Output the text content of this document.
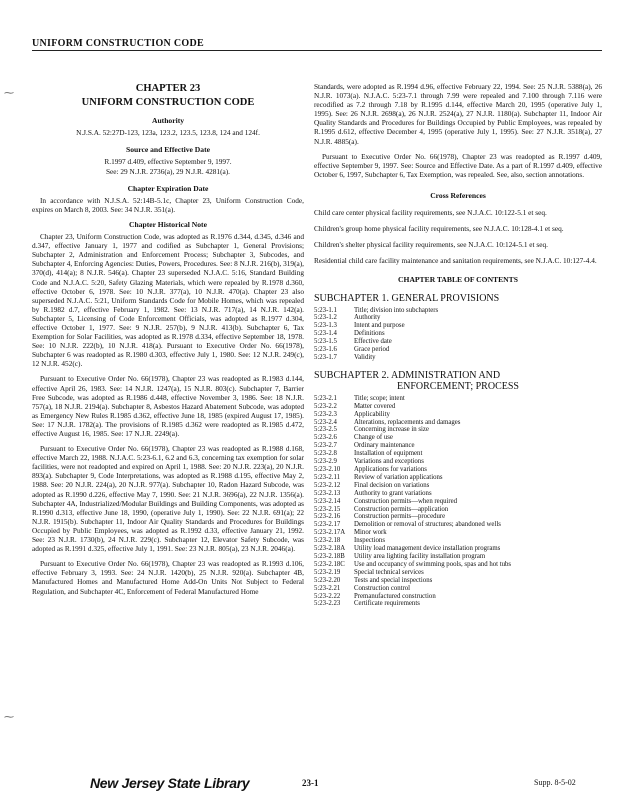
UNIFORM CONSTRUCTION CODE
⁓
⁓
CHAPTER 23
UNIFORM CONSTRUCTION CODE
Authority
N.J.S.A. 52:27D-123, 123a, 123.2, 123.5, 123.8, 124 and 124f.
Source and Effective Date
R.1997 d.409, effective September 9, 1997.
See: 29 N.J.R. 2736(a), 29 N.J.R. 4281(a).
Chapter Expiration Date

In accordance with N.J.S.A. 52:14B-5.1c, Chapter 23, Uniform Construction Code, expires on March 8, 2003. See: 34 N.J.R. 351(a).

Chapter Historical Note

Chapter 23, Uniform Construction Code, was adopted as R.1976 d.344, d.345, d.346 and d.347, effective January 1, 1977 and codified as Subchapter 1, General Provisions; Subchapter 2, Administration and Enforcement Process; Subchapter 3, Subcodes, and Subchapter 4, Enforcing Agencies: Duties, Powers, Procedures. See: 8 N.J.R. 216(b), 319(a), 370(d), 414(a); 8 N.J.R. 546(a). Chapter 23 superseded N.J.A.C. 5:16, Standard Building Code and N.J.A.C. 5:20, Safety Glazing Materials, which were repealed by R.1978 d.360, effective October 6, 1978. See: 10 N.J.R. 377(a), 10 N.J.R. 470(a). Chapter 23 also superseded N.J.A.C. 5:21, Uniform Standards Code for Mobile Homes, which was repealed by R.1982 d.7, effective February 1, 1982. See: 13 N.J.R. 717(a), 14 N.J.R. 142(a). Subchapter 5, Licensing of Code Enforcement Officials, was adopted as R.1977 d.304, effective October 1, 1977. See: 9 N.J.R. 257(b), 9 N.J.R. 413(b). Subchapter 6, Tax Exemption for Solar Facilities, was adopted as R.1978 d.334, effective September 18, 1978. See: 10 N.J.R. 222(b), 10 N.J.R. 418(a). Pursuant to Executive Order No. 66(1978), Subchapter 6 was readopted as R.1980 d.303, effective July 1, 1980. See: 12 N.J.R. 249(c), 12 N.J.R. 452(c).

Pursuant to Executive Order No. 66(1978), Chapter 23 was readopted as R.1983 d.144, effective April 26, 1983. See: 14 N.J.R. 1247(a), 15 N.J.R. 803(c). Subchapter 7, Barrier Free Subcode, was adopted as R.1986 d.448, effective November 3, 1986. See: 18 N.J.R. 757(a), 18 N.J.R. 2194(a). Subchapter 8, Asbestos Hazard Abatement Subcode, was adopted as Emergency New Rules R.1985 d.362, effective June 18, 1985 (expired August 17, 1985). See: 17 N.J.R. 1782(a). The provisions of R.1985 d.362 were readopted as R.1985 d.472, effective August 16, 1985. See: 17 N.J.R. 2249(a).

Pursuant to Executive Order No. 66(1978), Chapter 23 was readopted as R.1988 d.168, effective March 22, 1988. N.J.A.C. 5:23-6.1, 6.2 and 6.3, concerning tax exemption for solar facilities, were not readopted and expired on April 1, 1988. See: 20 N.J.R. 223(a), 20 N.J.R. 893(a). Subchapter 9, Code Interpretations, was adopted as R.1988 d.195, effective May 2, 1988. See: 20 N.J.R. 224(a), 20 N.J.R. 977(a). Subchapter 10, Radon Hazard Subcode, was adopted as R.1990 d.226, effective May 7, 1990. See: 21 N.J.R. 3696(a), 22 N.J.R. 1356(a). Subchapter 4A, Industrialized/Modular Buildings and Building Components, was adopted as R.1990 d.313, effective June 18, 1990, (operative July 1, 1990). See: 22 N.J.R. 691(a); 22 N.J.R. 1915(b). Subchapter 11, Indoor Air Quality Standards and Procedures for Buildings Occupied by Public Employees, was adopted as R.1992 d.33, effective January 21, 1992. See: 23 N.J.R. 1730(b), 24 N.J.R. 229(c). Subchapter 12, Elevator Safety Subcode, was adopted as R.1991 d.325, effective July 1, 1991. See: 23 N.J.R. 805(a), 23 N.J.R. 2046(a).

Pursuant to Executive Order No. 66(1978), Chapter 23 was readopted as R.1993 d.106, effective February 3, 1993. See: 24 N.J.R. 1420(b), 25 N.J.R. 920(a). Subchapter 4B, Manufactured Homes and Manufactured Home Add-On Units Not Subject to Federal Regulation, and Subchapter 4C, Enforcement of Federal Manufactured Home

Standards, were adopted as R.1994 d.96, effective February 22, 1994. See: 25 N.J.R. 5388(a), 26 N.J.R. 1073(a). N.J.A.C. 5:23-7.1 through 7.99 were repealed and 7.100 through 7.116 were recodified as 7.2 through 7.18 by R.1995 d.144, effective March 20, 1995 (operative July 1, 1995). See: 26 N.J.R. 2698(a), 26 N.J.R. 2524(a), 27 N.J.R. 1180(a). Subchapter 11, Indoor Air Quality Standards and Procedures for Buildings Occupied by Public Employees, was repealed by R.1995 d.612, effective December 4, 1995 (operative July 1, 1995). See: 27 N.J.R. 3518(a), 27 N.J.R. 4885(a).

Pursuant to Executive Order No. 66(1978), Chapter 23 was readopted as R.1997 d.409, effective September 9, 1997. See: Source and Effective Date. As a part of R.1997 d.409, effective October 6, 1997, Subchapter 6, Tax Exemption, was repealed. See, also, section annotations.

Cross References

Child care center physical facility requirements, see N.J.A.C. 10:122-5.1 et seq.

Children's group home physical facility requirements, see N.J.A.C. 10:128-4.1 et seq.

Children's shelter physical facility requirements, see N.J.A.C. 10:124-5.1 et seq.

Residential child care facility maintenance and sanitation requirements, see N.J.A.C. 10:127-4.4.

CHAPTER TABLE OF CONTENTS
SUBCHAPTER 1. GENERAL PROVISIONS
5:23-1.1	Title; division into subchapters
5:23-1.2	Authority
5:23-1.3	Intent and purpose
5:23-1.4	Definitions
5:23-1.5	Effective date
5:23-1.6	Grace period
5:23-1.7	Validity
SUBCHAPTER 2. ADMINISTRATION AND
ENFORCEMENT; PROCESS
5:23-2.1	Title; scope; intent
5:23-2.2	Matter covered
5:23-2.3	Applicability
5:23-2.4	Alterations, replacements and damages
5:23-2.5	Concerning increase in size
5:23-2.6	Change of use
5:23-2.7	Ordinary maintenance
5:23-2.8	Installation of equipment
5:23-2.9	Variations and exceptions
5:23-2.10	Applications for variations
5:23-2.11	Review of variation applications
5:23-2.12	Final decision on variations
5:23-2.13	Authority to grant variations
5:23-2.14	Construction permits—when required
5:23-2.15	Construction permits—application
5:23-2.16	Construction permits—procedure
5:23-2.17	Demolition or removal of structures; abandoned wells
5:23-2.17A	Minor work
5:23-2.18	Inspections
5:23-2.18A	Utility load management device installation programs
5:23-2.18B	Utility area lighting facility installation program
5:23-2.18C	Use and occupancy of swimming pools, spas and hot tubs
5:23-2.19	Special technical services
5:23-2.20	Tests and special inspections
5:23-2.21	Construction control
5:23-2.22	Premanufactured construction
5:23-2.23	Certificate requirements
New Jersey State Library	23-1	Supp. 8-5-02
